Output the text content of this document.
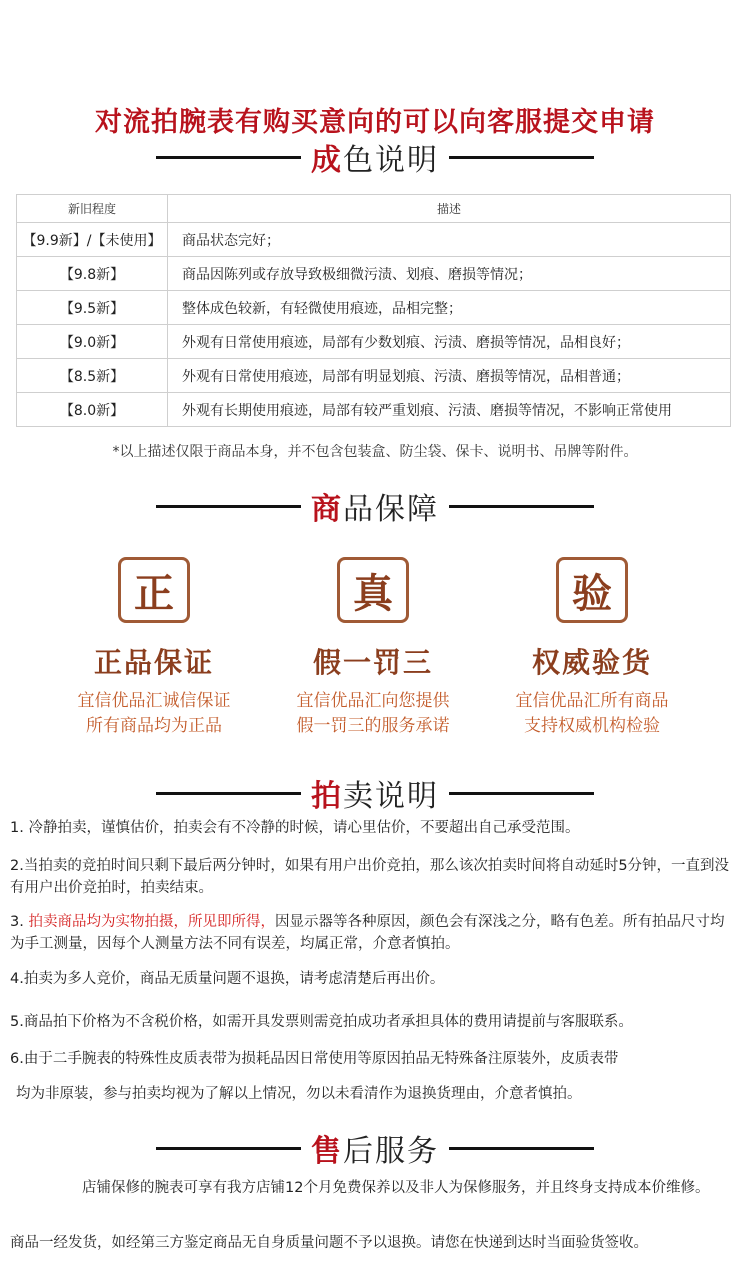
对流拍腕表有购买意向的可以向客服提交申请
成色说明
新旧程度	描述
【9.9新】/【未使用】	商品状态完好；
【9.8新】	商品因陈列或存放导致极细微污渍、划痕、磨损等情况；
【9.5新】	整体成色较新，有轻微使用痕迹，品相完整；
【9.0新】	外观有日常使用痕迹，局部有少数划痕、污渍、磨损等情况，品相良好；
【8.5新】	外观有日常使用痕迹，局部有明显划痕、污渍、磨损等情况，品相普通；
【8.0新】	外观有长期使用痕迹，局部有较严重划痕、污渍、磨损等情况，不影响正常使用
*以上描述仅限于商品本身，并不包含包装盒、防尘袋、保卡、说明书、吊牌等附件。
商品保障
正
正品保证
宜信优品汇诚信保证
所有商品均为正品
真
假一罚三
宜信优品汇向您提供
假一罚三的服务承诺
验
权威验货
宜信优品汇所有商品
支持权威机构检验
拍卖说明
1. 冷静拍卖，谨慎估价，拍卖会有不冷静的时候，请心里估价，不要超出自己承受范围。
2.当拍卖的竞拍时间只剩下最后两分钟时，如果有用户出价竞拍，那么该次拍卖时间将自动延时5分钟，一直到没有用户出价竞拍时，拍卖结束。
3. 拍卖商品均为实物拍摄，所见即所得，因显示器等各种原因，颜色会有深浅之分，略有色差。所有拍品尺寸均为手工测量，因每个人测量方法不同有误差，均属正常，介意者慎拍。
4.拍卖为多人竞价，商品无质量问题不退换，请考虑清楚后再出价。
5.商品拍下价格为不含税价格，如需开具发票则需竞拍成功者承担具体的费用请提前与客服联系。
6.由于二手腕表的特殊性皮质表带为损耗品因日常使用等原因拍品无特殊备注原装外，皮质表带
均为非原装，参与拍卖均视为了解以上情况，勿以未看清作为退换货理由，介意者慎拍。
售后服务
店铺保修的腕表可享有我方店铺12个月免费保养以及非人为保修服务，并且终身支持成本价维修。
商品一经发货，如经第三方鉴定商品无自身质量问题不予以退换。请您在快递到达时当面验货签收。
